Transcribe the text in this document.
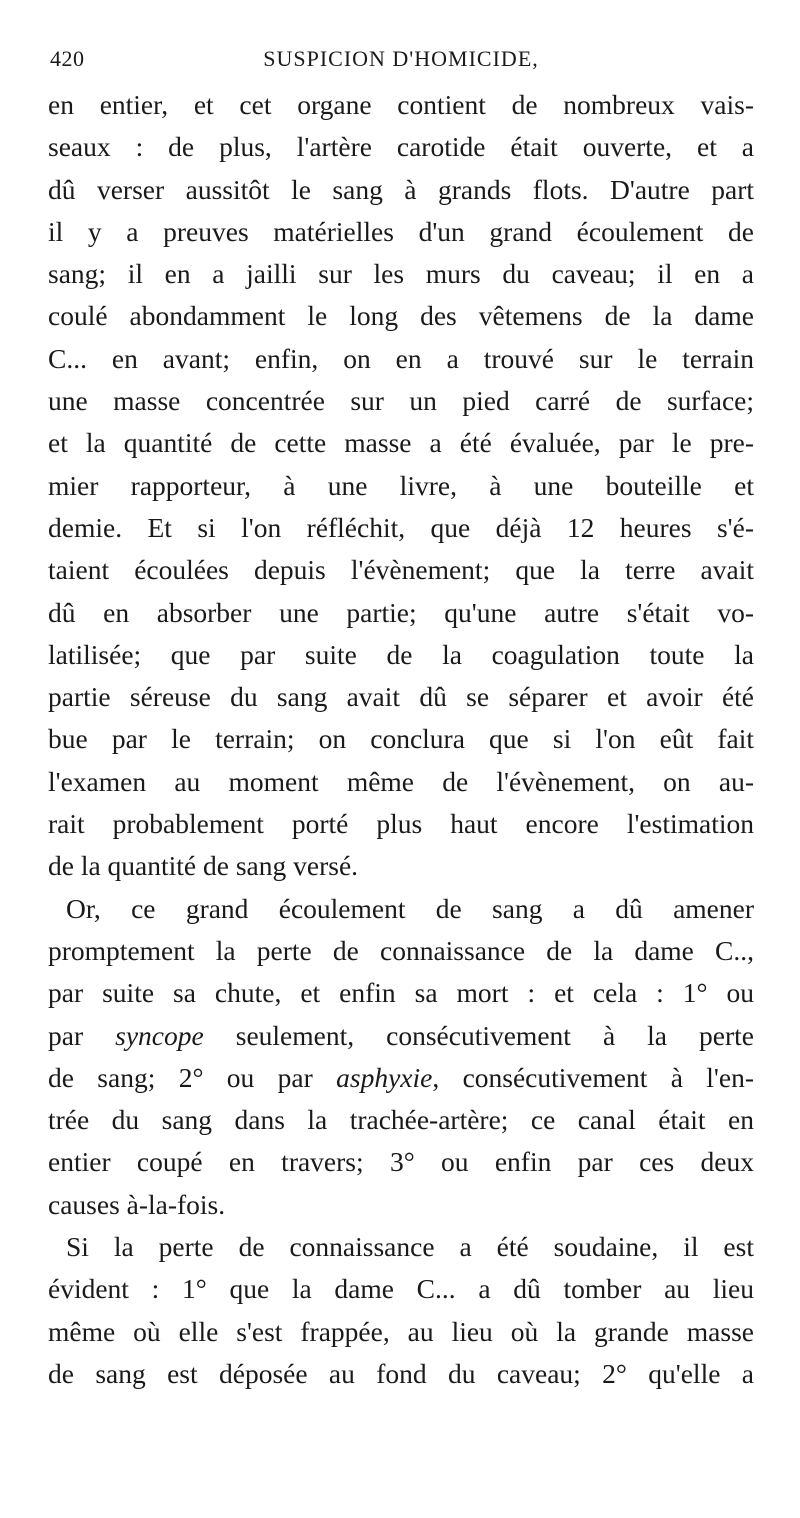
420	SUSPICION D'HOMICIDE,
en entier, et cet organe contient de nombreux vais-
seaux : de plus, l'artère carotide était ouverte, et a
dû verser aussitôt le sang à grands flots. D'autre part
il y a preuves matérielles d'un grand écoulement de
sang; il en a jailli sur les murs du caveau; il en a
coulé abondamment le long des vêtemens de la dame
C... en avant; enfin, on en a trouvé sur le terrain
une masse concentrée sur un pied carré de surface;
et la quantité de cette masse a été évaluée, par le pre-
mier rapporteur, à une livre, à une bouteille et
demie. Et si l'on réfléchit, que déjà 12 heures s'é-
taient écoulées depuis l'évènement; que la terre avait
dû en absorber une partie; qu'une autre s'était vo-
latilisée; que par suite de la coagulation toute la
partie séreuse du sang avait dû se séparer et avoir été
bue par le terrain; on conclura que si l'on eût fait
l'examen au moment même de l'évènement, on au-
rait probablement porté plus haut encore l'estimation
de la quantité de sang versé.
Or, ce grand écoulement de sang a dû amener
promptement la perte de connaissance de la dame C..,
par suite sa chute, et enfin sa mort : et cela : 1° ou
par syncope seulement, consécutivement à la perte
de sang; 2° ou par asphyxie, consécutivement à l'en-
trée du sang dans la trachée-artère; ce canal était en
entier coupé en travers; 3° ou enfin par ces deux
causes à-la-fois.
Si la perte de connaissance a été soudaine, il est
évident : 1° que la dame C... a dû tomber au lieu
même où elle s'est frappée, au lieu où la grande masse
de sang est déposée au fond du caveau; 2° qu'elle a
